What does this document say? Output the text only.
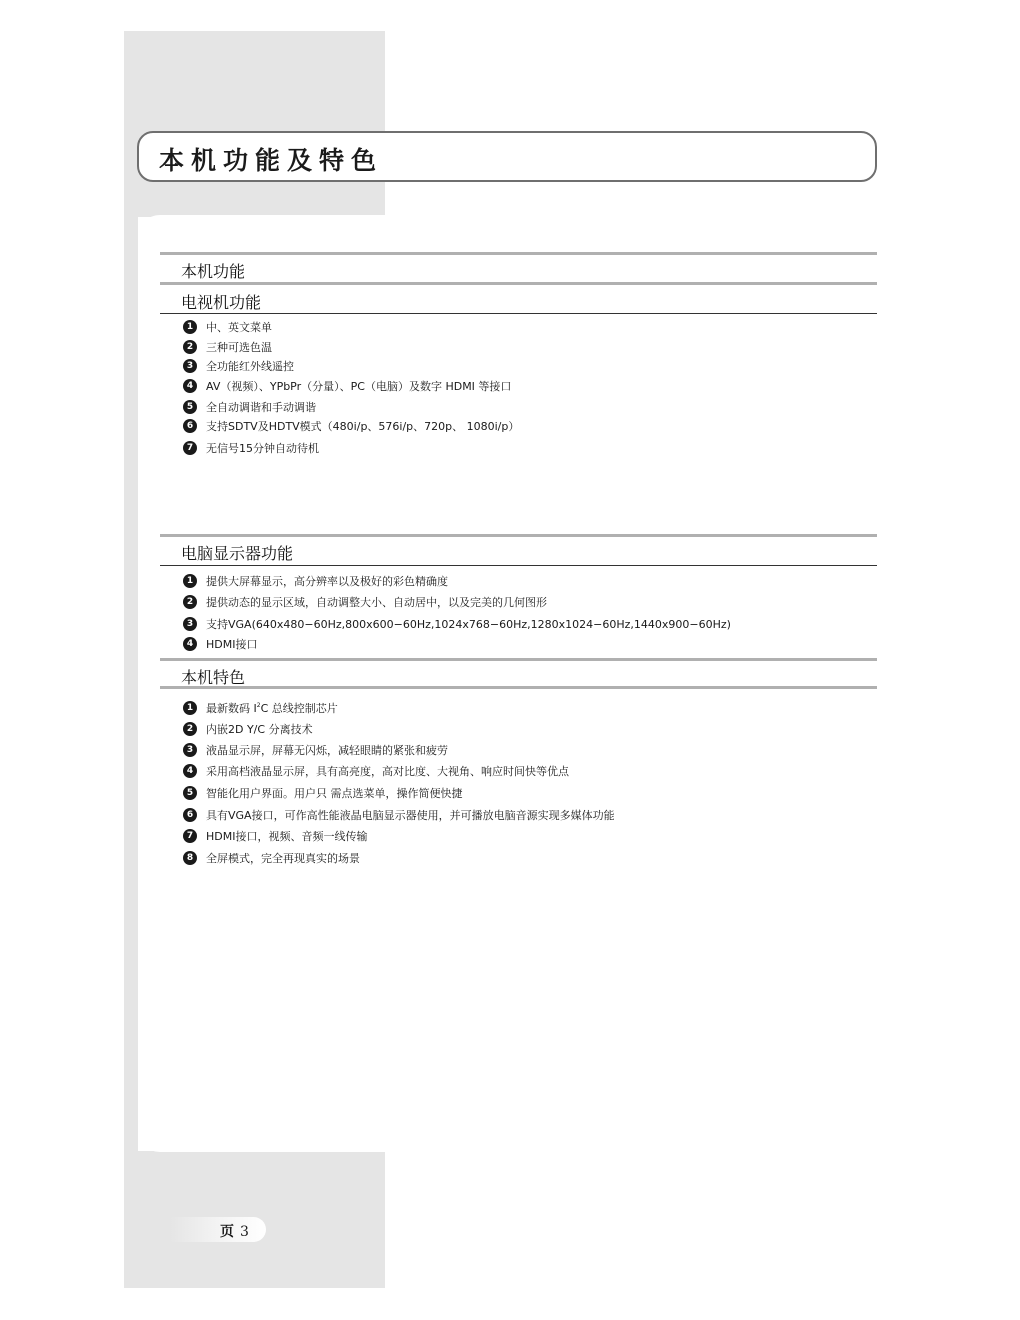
本机功能及特色
本机功能
电视机功能
1	中、英文菜单
2	三种可选色温
3	全功能红外线遥控
4	AV（视频）、YPbPr（分量）、PC（电脑）及数字 HDMI 等接口
5	全自动调谐和手动调谐
6	支持SDTV及HDTV模式（480i/p、576i/p、720p、 1080i/p）
7	无信号15分钟自动待机
电脑显示器功能
1	提供大屏幕显示，高分辨率以及极好的彩色精确度
2	提供动态的显示区域，自动调整大小、自动居中，以及完美的几何图形
3	支持VGA(640x480−60Hz,800x600−60Hz,1024x768−60Hz,1280x1024−60Hz,1440x900−60Hz)
4	HDMI接口
本机特色
1	最新数码 $I^2C$ 总线控制芯片
2	内嵌2D Y/C 分离技术
3	液晶显示屏，屏幕无闪烁，减轻眼睛的紧张和疲劳
4	采用高档液晶显示屏，具有高亮度，高对比度、大视角、响应时间快等优点
5	智能化用户界面。用户只 需点选菜单，操作简便快捷
6	具有VGA接口，可作高性能液晶电脑显示器使用，并可播放电脑音源实现多媒体功能
7	HDMI接口，视频、音频一线传输
8	全屏模式，完全再现真实的场景
页 3
